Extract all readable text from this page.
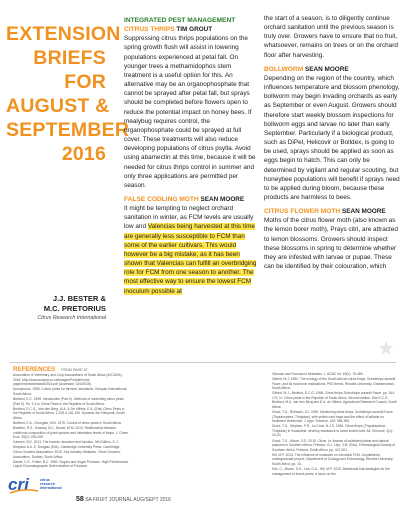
EXTENSION
BRIEFS
FOR
AUGUST &
SEPTEMBER
2016
J.J. BESTER &
M.C. PRETORIUS
Citrus Research International

INTEGRATED PEST MANAGEMENT

CITRUS THRIPS TIM GROUT

Suppressing citrus thrips populations on the spring growth flush will assist in lowering populations experienced at petal fall. On younger trees a methamidophos stem treatment is a useful option for this. An alternative may be an organophosphate that cannot be sprayed after petal fall, but sprays should be completed before flowers open to reduce the potential impact on honey bees. If mealybug requires control, the organophosphate could be sprayed at full cover. These treatments will also reduce developing populations of citrus psylla. Avoid using abamectin at this time, because it will be needed for citrus thrips control in summer and only three applications are permitted per season.

FALSE CODLING MOTH SEAN MOORE

It might be tempting to neglect orchard sanitation in winter, as FCM levels are usually low and Valencias being harvested at this time are generally less susceptible to FCM than some of the earlier cultivars. This would however be a big mistake, as it has been shown that Valencias can fulfill an overbridging role for FCM from one season to another. The most effective way to ensure the lowest FCM inoculum possible at

the start of a season, is to diligently continue orchard sanitation until the previous season is truly over. Growers have to ensure that no fruit, whatsoever, remains on trees or on the orchard floor after harvesting.

BOLLWORM SEAN MOORE

Depending on the region of the country, which influences temperature and blossom phenology, bollworm may begin invading orchards as early as September or even August. Growers should therefore start weekly blossom inspections for bollworm eggs and larvae no later than early September. Particularly if a biological product, such as DiPel, Helicovir or Bolldex, is going to be used, sprays should be applied as soon as eggs begin to hatch. This can only be determined by vigilant and regular scouting, but honeybee populations will benefit if sprays need to be applied during bloom, because these products are harmless to bees.

CITRUS FLOWER MOTH SEAN MOORE

Moths of the citrus flower moth (also known as the lemon borer moth), Prays citri, are attracted to lemon blossoms. Growers should inspect these blossoms in spring to determine whether they are infested with larvae or pupae. These can be identified by their colouration, which

REFERENCES FROM PAGE 57

Association of Veterinary and Crop Associations of South Africa (AVCASA). 2016. http://www.avcasa.co.za/images/Portals/home-page/Insecticidesdraft2016.pdf (Accessed 13/4/2015).

Anonymous. 1995. Colour prints for farmers' standards. Outspan International, South Africa.

Bedford, E.C. 1998. Introduction (Part II). Methods of controlling citrus pests (Part II). Pp. 3-4 in Citrus Pests in the Republic of South Africa.

Bedford, E.C.G., Van den Berg, M.A. & De Villiers, E.A. (Eds) Citrus Pests in the Republic of South Africa. 1-228 & 182-190. Dynamic Ad: Nelspruit, South Africa.

Bedford, E.A., Georgala, M.B. 1978. Control of citrus pests in South Africa.

Bowden, R.S., Swezey, M.J., Bower, M.M. 2013. Relationship between nutritional composition of plant species and infestation levels of thrips. J. Chem. Ecol. 39(2): 259-269.

Carmen, B.E. 2013. The insects: structure and function. 5th Edition. S. J. Simpson & A. E. Douglas (Eds). Cambridge University Press, Cambridge.

Citrus Growers Association. 2015. Key Industry Statistics. Citrus Growers' Association, Durban, South Africa.

Daniel, C.E., Potter, B.C. 1980. Sugars and Sugar Products: High Performance Liquid Chromatographic Determination of Fructose.

Glucose and Sucrose in Molasses. J. AOAC Int. 63(2): 76-480.

Gilbert, M.J. 1992. The ecology of the South African citrus thrips, Scirtothrips aurantii Faure, and its economic implications. PhD thesis, Rhodes University, Grahamstown, South Africa.

Gilbert, M.J., Bedford, E.C.G. 1998. Citrus thrips Scirtothrips aurantii Faure. pp. 164-170. In: Citrus pests in the Republic of South Africa. Second edition. Eds E.C.G. Bedford, M.A. van den Berg and E.A. de Villiers. Agricultural Research Council, South Africa.

Grout, T.G., Richards, G.I. 1990. Monitoring citrus thrips, Scirtothrips aurantii Faure (Thysanoptera, Thripidae), with yellow card traps and the effect of latitude on treatment thresholds. J. Appl. Entomol. 109: 385-389.

Grout, T.G., Stephen, P.R., La Croix, N.J.S. 1996. Citrus thrips (Thysanoptera: Thripidae) in Swaziland: develop resistance to tartar emetic bait. Afr. Entomol. 4(1): 15-20.

Grout, T.G., Moore, S.D. 2015. Citrus. In: Insects of cultivated plants and natural pastures in Southern Africa. Prinsloo, G.L. Uys, V.M. (Eds). Entomological Society of Southern Africa, Pretoria, South Africa. pp. 447-501.

Hill, M.P. 2013. The influence of molasses on microbial FCM. Unpublished undergraduate project. Department of Zoology and Entomology, Rhodes University, South Africa, pp. 34.

Kirk, C., Moore, S.D., Lee, G.A., Hill, M.P. 2015. Biorational bait strategies for the management of insect pests: a focus on the

cri	citrus
research
international
58 SA FRUIT JOURNAL AUG/SEPT 2016
